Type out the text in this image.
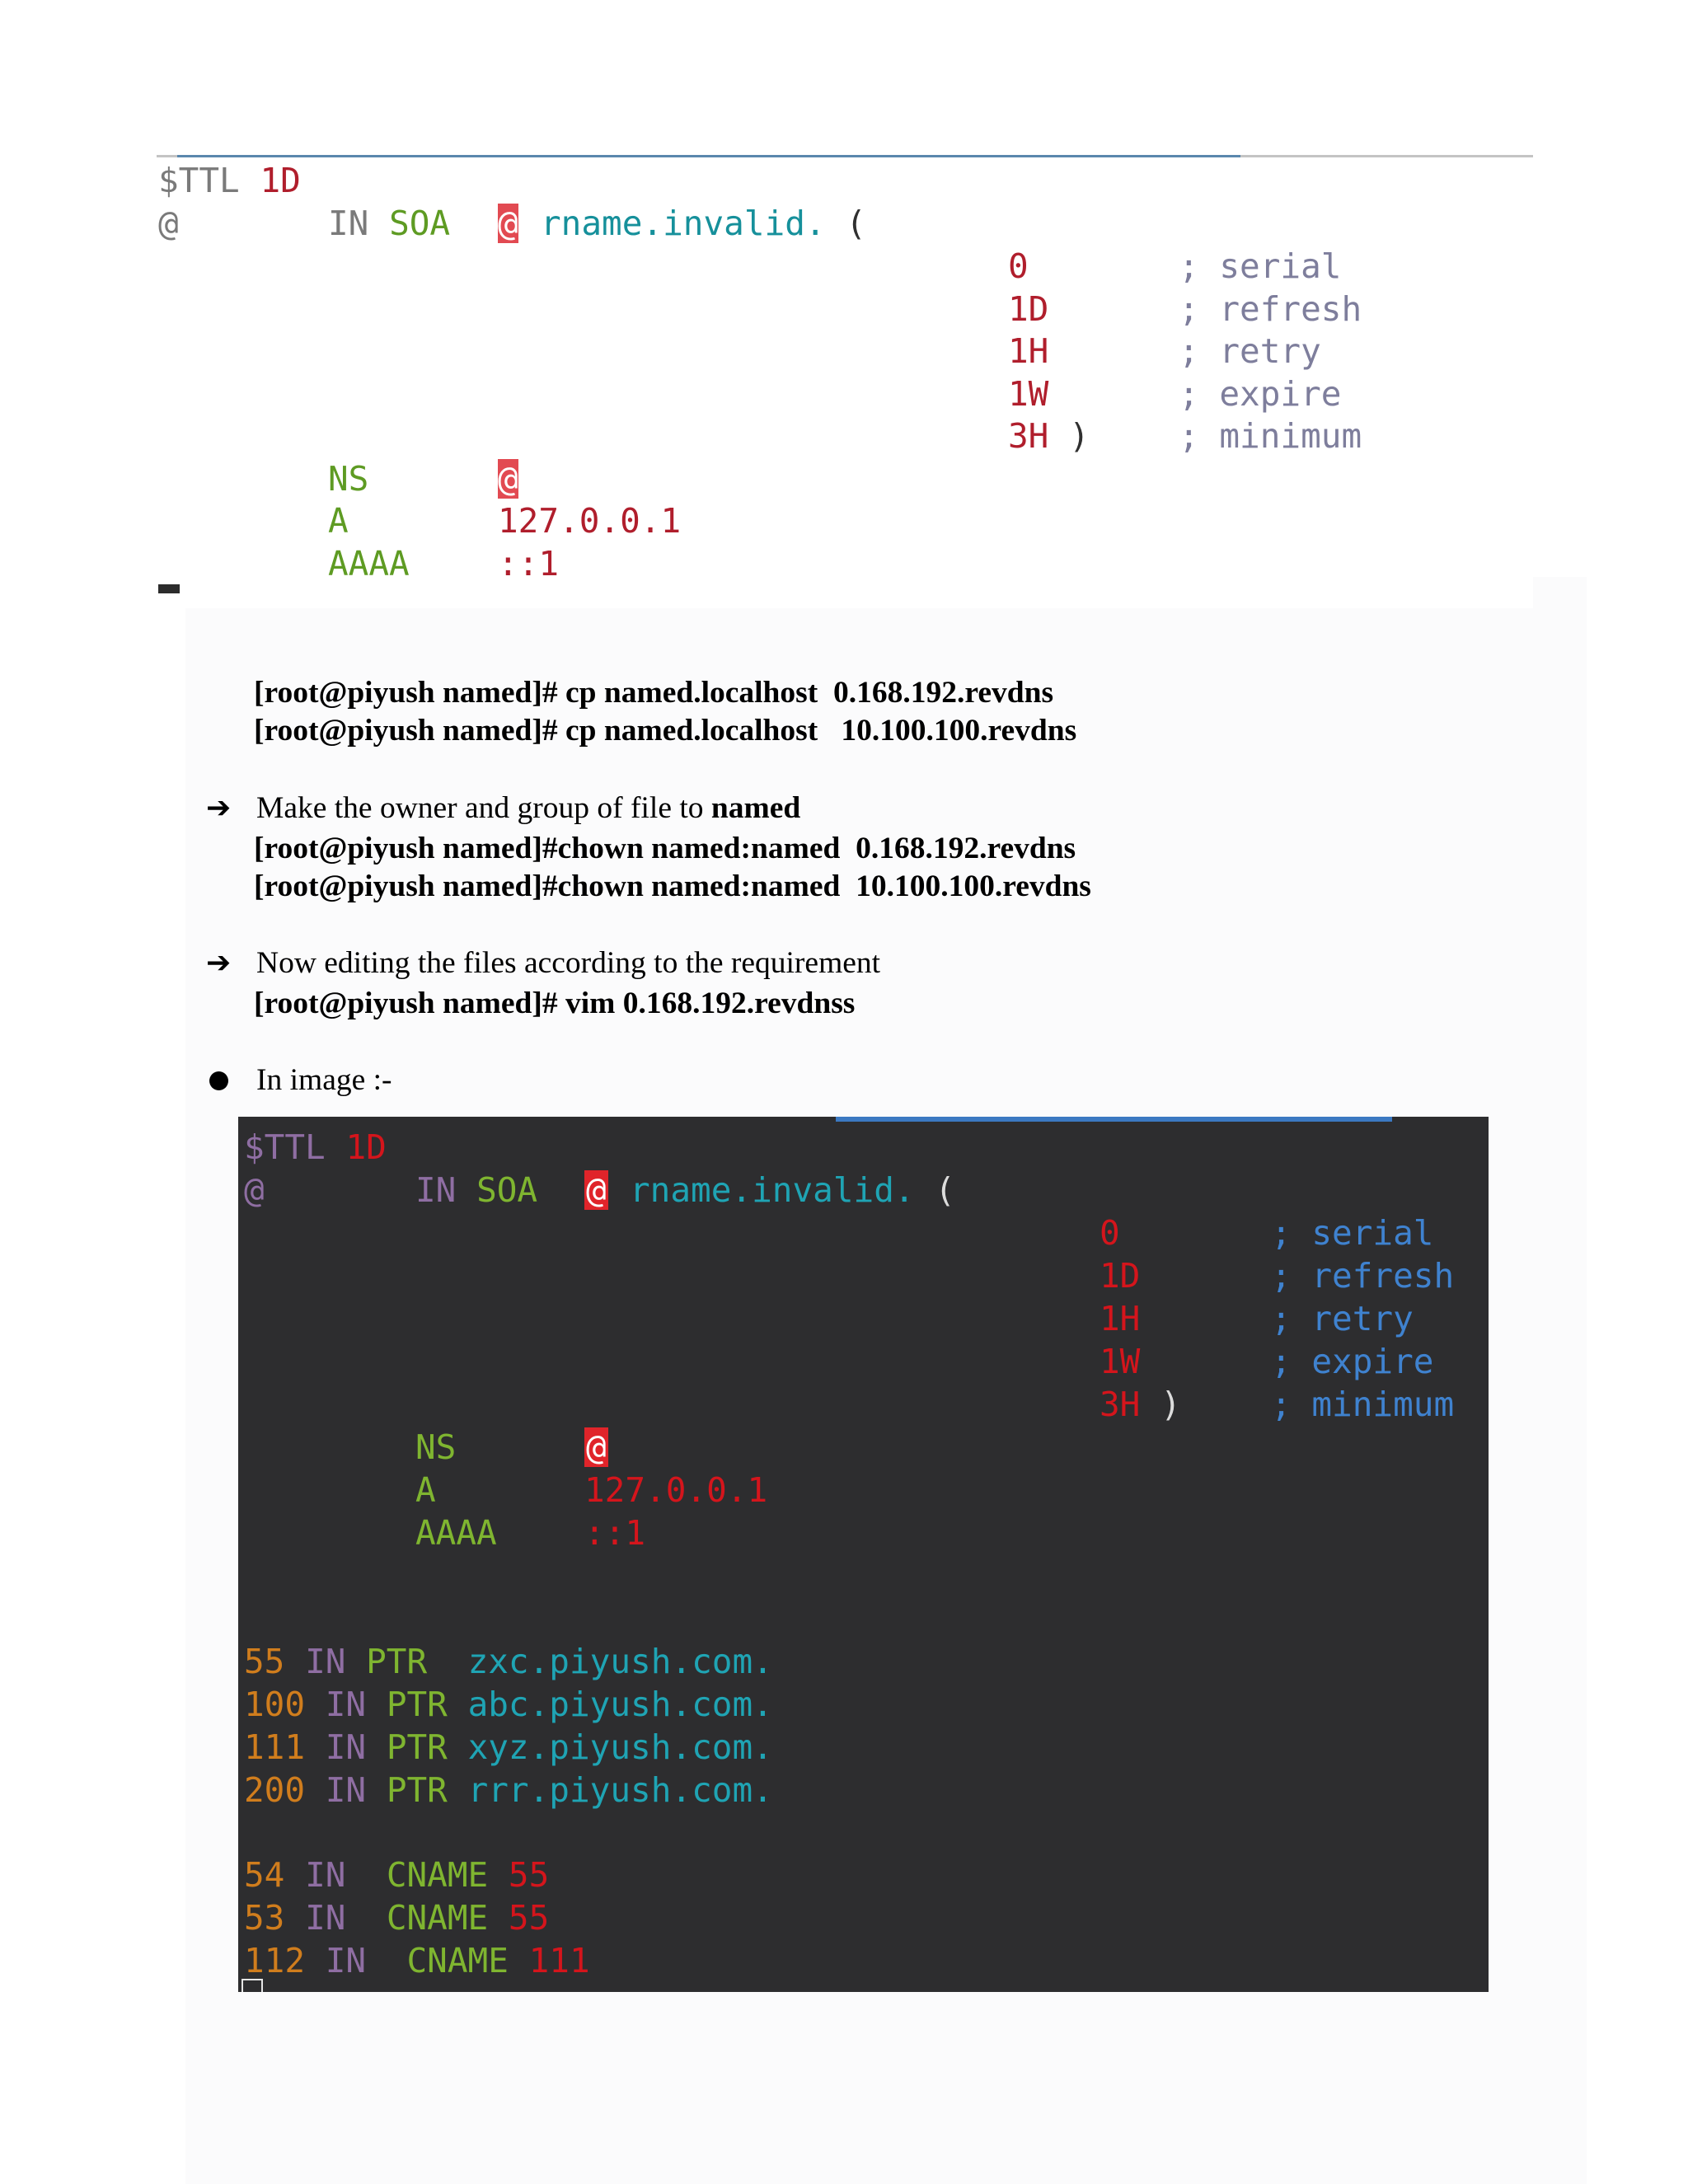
$TTL 1D
@	IN SOA @ rname.invalid. (
0	; serial
1D	; refresh
1H	; retry
1W	; expire
3H )	; minimum
NS	@
A	127.0.0.1
AAAA	::1
[root@piyush named]# cp named.localhost  0.168.192.revdns
[root@piyush named]# cp named.localhost   10.100.100.revdns
➔ Make the owner and group of file to named
[root@piyush named]#chown named:named  0.168.192.revdns
[root@piyush named]#chown named:named  10.100.100.revdns
➔ Now editing the files according to the requirement
[root@piyush named]# vim 0.168.192.revdnss
In image :-
$TTL 1D
@	IN SOA @ rname.invalid. (
0	; serial
1D	; refresh
1H	; retry
1W	; expire
3H )	; minimum
NS	@
A	127.0.0.1
AAAA	::1
55 IN PTR zxc.piyush.com.
100 IN PTR abc.piyush.com.
111 IN PTR xyz.piyush.com.
200 IN PTR rrr.piyush.com.
54 IN CNAME 55
53 IN CNAME 55
112 IN CNAME 111
